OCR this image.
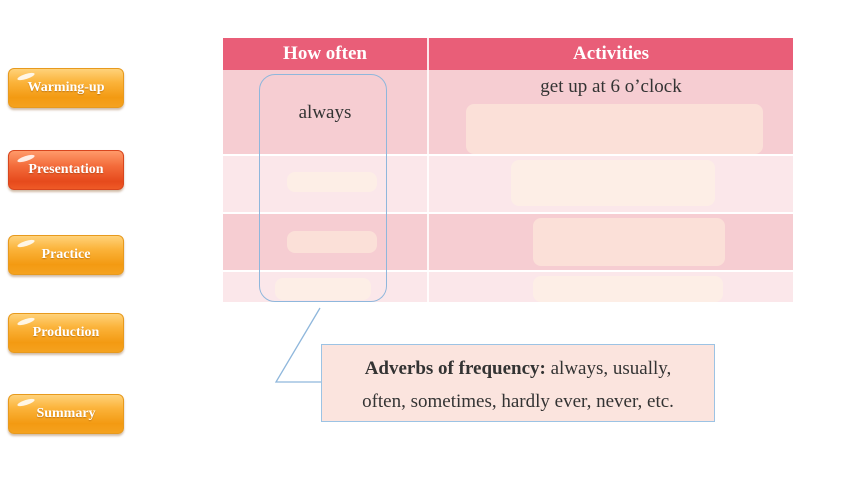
Warming-up
Presentation
Practice
Production
Summary
How often	Activities
always
get up at 6 o’clock
Adverbs of frequency: always, usually,
often, sometimes, hardly ever, never, etc.
